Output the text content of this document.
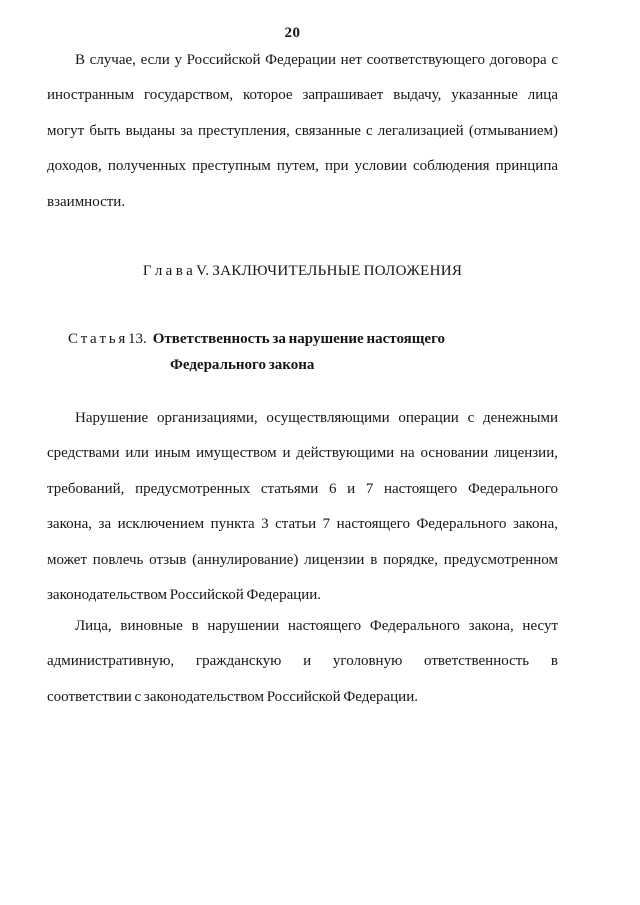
20
В случае, если у Российской Федерации нет соответствующего договора с
иностранным государством, которое запрашивает выдачу, указанные лица
могут быть выданы за преступления, связанные с легализацией (отмыванием)
доходов, полученных преступным путем, при условии соблюдения принципа
взаимности.
Г л а в а V. ЗАКЛЮЧИТЕЛЬНЫЕ ПОЛОЖЕНИЯ
С т а т ь я 13. Ответственность за нарушение настоящего
Федерального закона
Нарушение организациями, осуществляющими операции с денежными
средствами или иным имуществом и действующими на основании лицензии,
требований, предусмотренных статьями 6 и 7 настоящего Федерального
закона, за исключением пункта 3 статьи 7 настоящего Федерального закона,
может повлечь отзыв (аннулирование) лицензии в порядке, предусмотренном
законодательством Российской Федерации.
Лица, виновные в нарушении настоящего Федерального закона, несут
административную, гражданскую и уголовную ответственность в
соответствии с законодательством Российской Федерации.
